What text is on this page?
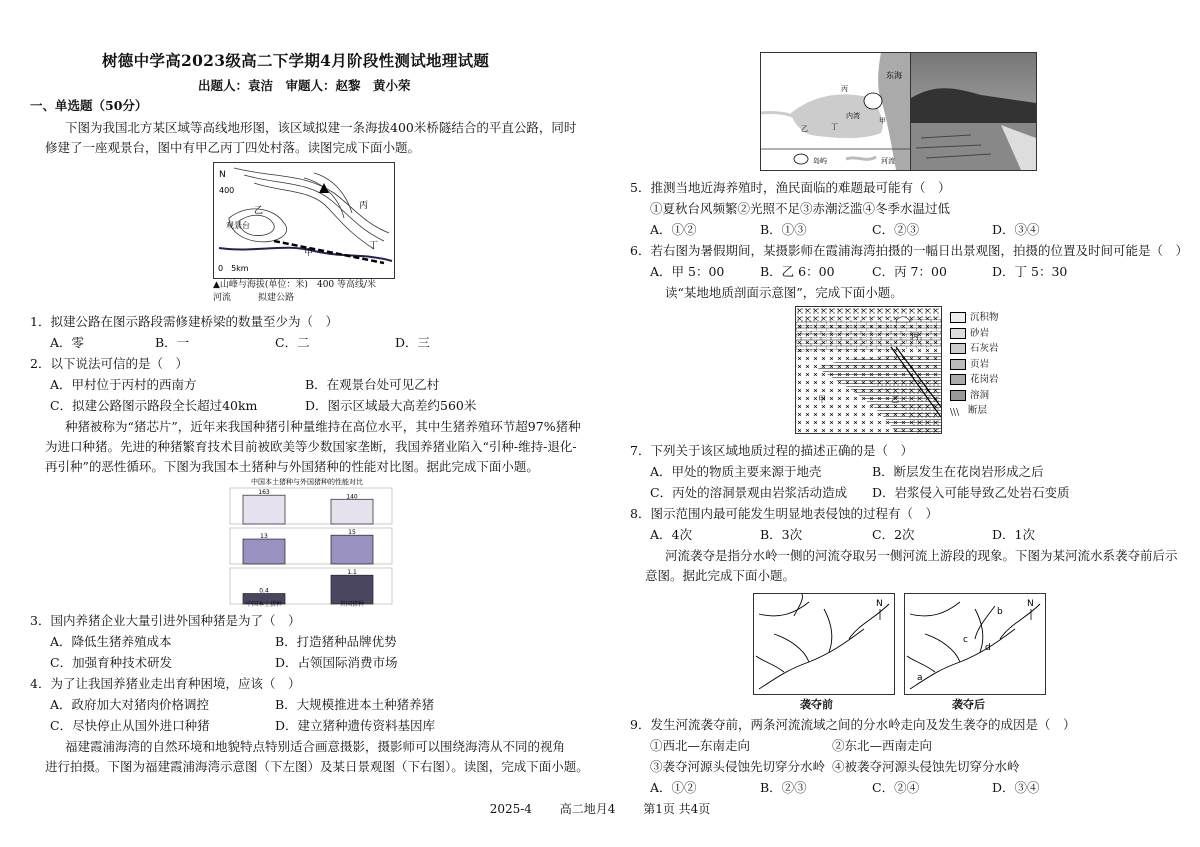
树德中学高2023级高二下学期4月阶段性测试地理试题
出题人：袁洁　审题人：赵黎　黄小荣
一、单选题（50分）
下图为我国北方某区域等高线地形图，该区域拟建一条海拔400米桥隧结合的平直公路，同时
修建了一座观景台，图中有甲乙丙丁四处村落。读图完成下面小题。
N
400
观景台
甲
乙	丙
丁
0　5km
▲山峰与海拔(单位：米)　 400 等高线/米
河流　　　	拟建公路
1．拟建公路在图示路段需修建桥梁的数量至少为（　）
A．零	B．一	C．二	D．三
2．以下说法可信的是（　）
A．甲村位于丙村的西南方	B．在观景台处可见乙村
C．拟建公路图示路段全长超过40km	D．图示区域最大高差约560米
种猪被称为“猪芯片”，近年来我国种猪引种量维持在高位水平，其中生猪养殖环节超97%猪种
为进口种猪。先进的种猪繁育技术目前被欧美等少数国家垄断，我国养猪业陷入“引种-维持-退化-
再引种”的恶性循环。下图为我国本土猪种与外国猪种的性能对比图。据此完成下面小题。
中国本土猪种与外国猪种的性能对比
163
140
13
15
0.4
1.1
中国本土猪种	外国猪种
3．国内养猪企业大量引进外国种猪是为了（　）
A．降低生猪养殖成本	B．打造猪种品牌优势
C．加强育种技术研发	D．占领国际消费市场
4．为了让我国养猪业走出育种困境，应该（　）
A．政府加大对猪肉价格调控	B．大规模推进本土种猪养猪
C．尽快停止从国外进口种猪	D．建立猪种遗传资料基因库
福建霞浦海湾的自然环境和地貌特点特别适合画意摄影，摄影师可以围绕海湾从不同的视角
进行拍摄。下图为福建霞浦海湾示意图（下左图）及某日景观图（下右图）。读图，完成下面小题。
岛屿	河流
东海
内湾
丙
甲
乙	丁
5．推测当地近海养殖时，渔民面临的难题最可能有（　）
①夏秋台风频繁②光照不足③赤潮泛滥④冬季水温过低
A．①②	B．①③	C．②③	D．③④
6．若右图为暑假期间，某摄影师在霞浦海湾拍摄的一幅日出景观图，拍摄的位置及时间可能是（　）
A．甲 5：00	B．乙 6：00	C．丙 7：00	D．丁 5：30
读“某地地质剖面示意图”，完成下面小题。
丙
甲	乙
沉积物
砂岩
石灰岩
页岩
花岗岩
溶洞
\\\ 断层
7．下列关于该区域地质过程的描述正确的是（　）
A．甲处的物质主要来源于地壳	B．断层发生在花岗岩形成之后
C．丙处的溶洞景观由岩浆活动造成 D．岩浆侵入可能导致乙处岩石变质
8．图示范围内最可能发生明显地表侵蚀的过程有（　）
A．4次	B．3次	C．2次	D．1次
河流袭夺是指分水岭一侧的河流夺取另一侧河流上游段的现象。下图为某河流水系袭夺前后示
意图。据此完成下面小题。
N	N
a
b
c
d
袭夺前	袭夺后
9．发生河流袭夺前，两条河流流域之间的分水岭走向及发生袭夺的成因是（　）
①西北—东南走向	②东北—西南走向
③袭夺河源头侵蚀先切穿分水岭 ④被袭夺河源头侵蚀先切穿分水岭
A．①②	B．②③	C．②④	D．③④
2025-4 高二地月4 第1页 共4页
